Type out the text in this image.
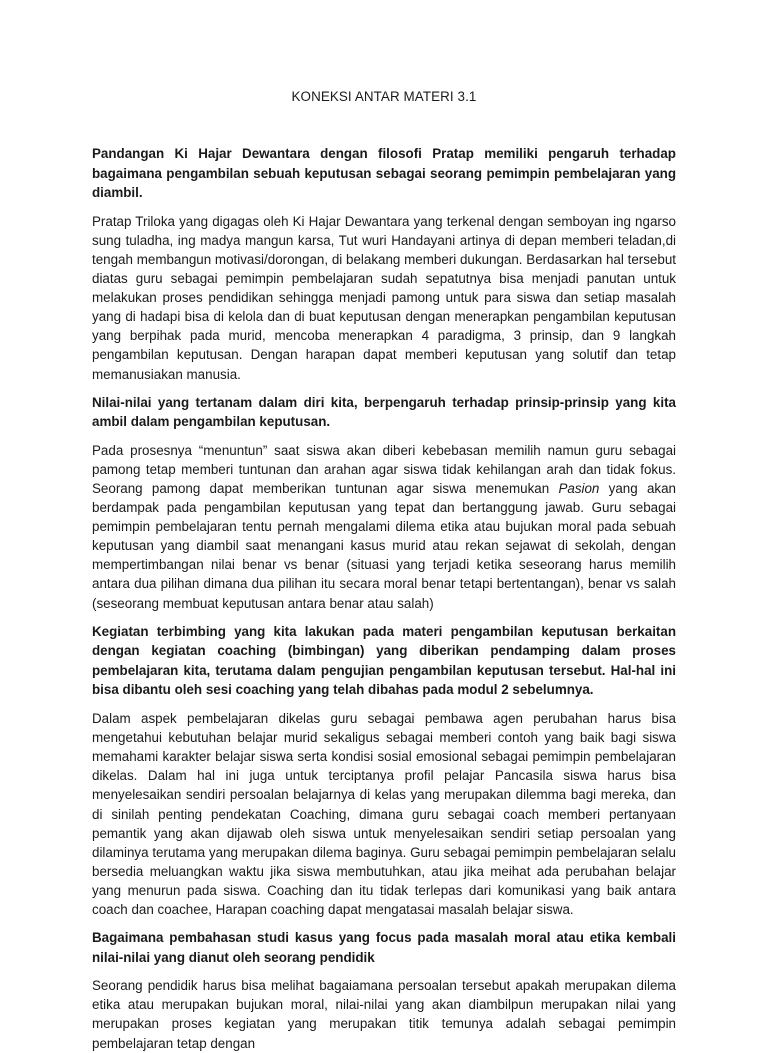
KONEKSI ANTAR MATERI 3.1
Pandangan Ki Hajar Dewantara dengan filosofi Pratap memiliki pengaruh terhadap bagaimana pengambilan sebuah keputusan sebagai seorang pemimpin pembelajaran yang diambil.
Pratap Triloka yang digagas oleh Ki Hajar Dewantara yang terkenal dengan semboyan ing ngarso sung tuladha, ing madya mangun karsa, Tut wuri Handayani artinya di depan memberi teladan,di tengah membangun motivasi/dorongan, di belakang memberi dukungan. Berdasarkan hal tersebut diatas guru sebagai pemimpin pembelajaran sudah sepatutnya bisa menjadi panutan untuk melakukan proses pendidikan sehingga menjadi pamong untuk para siswa dan setiap masalah yang di hadapi bisa di kelola dan di buat keputusan dengan menerapkan pengambilan keputusan yang berpihak pada murid, mencoba menerapkan 4 paradigma, 3 prinsip, dan 9 langkah pengambilan keputusan. Dengan harapan dapat memberi keputusan yang solutif dan tetap memanusiakan manusia.
Nilai-nilai yang tertanam dalam diri kita, berpengaruh terhadap prinsip-prinsip yang kita ambil dalam pengambilan keputusan.
Pada prosesnya “menuntun” saat siswa akan diberi kebebasan memilih namun guru sebagai pamong tetap memberi tuntunan dan arahan agar siswa tidak kehilangan arah dan tidak fokus. Seorang pamong dapat memberikan tuntunan agar siswa menemukan Pasion yang akan berdampak pada pengambilan keputusan yang tepat dan bertanggung jawab. Guru sebagai pemimpin pembelajaran tentu pernah mengalami dilema etika atau bujukan moral pada sebuah keputusan yang diambil saat menangani kasus murid atau rekan sejawat di sekolah, dengan mempertimbangan nilai benar vs benar (situasi yang terjadi ketika seseorang harus memilih antara dua pilihan dimana dua pilihan itu secara moral benar tetapi bertentangan), benar vs salah (seseorang membuat keputusan antara benar atau salah)
Kegiatan terbimbing yang kita lakukan pada materi pengambilan keputusan berkaitan dengan kegiatan coaching (bimbingan) yang diberikan pendamping dalam proses pembelajaran kita, terutama dalam pengujian pengambilan keputusan tersebut. Hal-hal ini bisa dibantu oleh sesi coaching yang telah dibahas pada modul 2 sebelumnya.
Dalam aspek pembelajaran dikelas guru sebagai pembawa agen perubahan harus bisa mengetahui kebutuhan belajar murid sekaligus sebagai memberi contoh yang baik bagi siswa memahami karakter belajar siswa serta kondisi sosial emosional sebagai pemimpin pembelajaran dikelas. Dalam hal ini juga untuk terciptanya profil pelajar Pancasila siswa harus bisa menyelesaikan sendiri persoalan belajarnya di kelas yang merupakan dilemma bagi mereka, dan di sinilah penting pendekatan Coaching, dimana guru sebagai coach memberi pertanyaan pemantik yang akan dijawab oleh siswa untuk menyelesaikan sendiri setiap persoalan yang dilaminya terutama yang merupakan dilema baginya. Guru sebagai pemimpin pembelajaran selalu bersedia meluangkan waktu jika siswa membutuhkan, atau jika meihat ada perubahan belajar yang menurun pada siswa. Coaching dan itu tidak terlepas dari komunikasi yang baik antara coach dan coachee, Harapan coaching dapat mengatasai masalah belajar siswa.
Bagaimana pembahasan studi kasus yang focus pada masalah moral atau etika kembali nilai-nilai yang dianut oleh seorang pendidik
Seorang pendidik harus bisa melihat bagaiamana persoalan tersebut apakah merupakan dilema etika atau merupakan bujukan moral, nilai-nilai yang akan diambilpun merupakan nilai yang merupakan proses kegiatan yang merupakan titik temunya adalah sebagai pemimpin pembelajaran tetap dengan
